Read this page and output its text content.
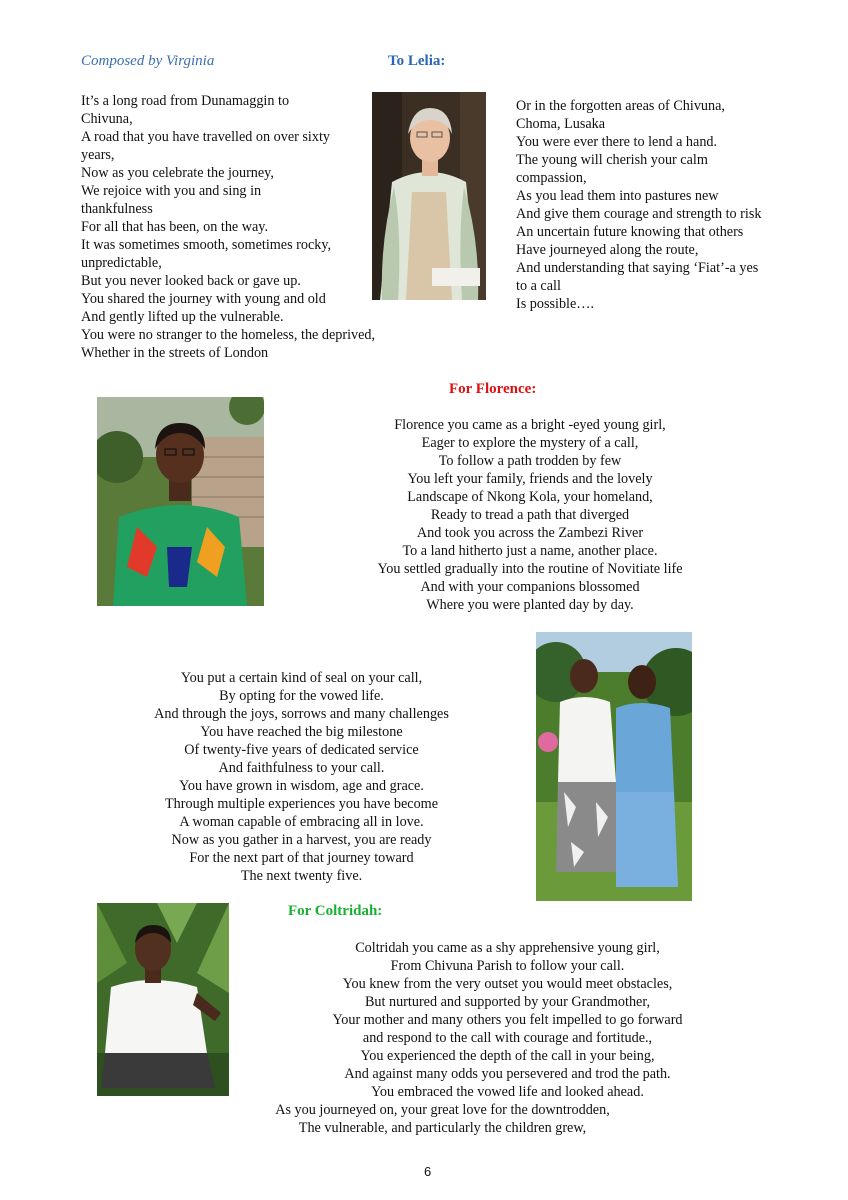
Composed by Virginia	To Lelia:
It’s a long road from Dunamaggin to
Chivuna,
A road that you have travelled on over sixty
years,
Now as you celebrate the journey,
We rejoice with you and sing in
thankfulness
For all that has been, on the way.
It was sometimes smooth, sometimes rocky,
unpredictable,
But you never looked back or gave up.
You shared the journey with young and old
And gently lifted up the vulnerable.
You were no stranger to the homeless, the deprived,
Whether in the streets of London
Or in the forgotten areas of Chivuna,
Choma, Lusaka
You were ever there to lend a hand.
The young will cherish your calm
compassion,
As you lead them into pastures new
And give them courage and strength to risk
An uncertain future knowing that others
Have journeyed along the route,
And understanding that saying ‘Fiat’-a yes
to a call
Is possible….
For Florence:
Florence you came as a bright -eyed young girl,
Eager to explore the mystery of a call,
To follow a path trodden by few
You left your family, friends and the lovely
Landscape of Nkong Kola, your homeland,
Ready to tread a path that diverged
And took you across the Zambezi River
To a land hitherto just a name, another place.
You settled gradually into the routine of Novitiate life
And with your companions blossomed
Where you were planted day by day.
You put a certain kind of seal on your call,
By opting for the vowed life.
And through the joys, sorrows and many challenges
You have reached the big milestone
Of twenty-five years of dedicated service
And faithfulness to your call.
You have grown in wisdom, age and grace.
Through multiple experiences you have become
A woman capable of embracing all in love.
Now as you gather in a harvest, you are ready
For the next part of that journey toward
The next twenty five.
For Coltridah:
Coltridah you came as a shy apprehensive young girl,
From Chivuna Parish to follow your call.
You knew from the very outset you would meet obstacles,
But nurtured and supported by your Grandmother,
Your mother and many others you felt impelled to go forward
and respond to the call with courage and fortitude.,
You experienced the depth of the call in your being,
And against many odds you persevered and trod the path.
You embraced the vowed life and looked ahead.
As you journeyed on, your great love for the downtrodden,
The vulnerable, and particularly the children grew,
6
